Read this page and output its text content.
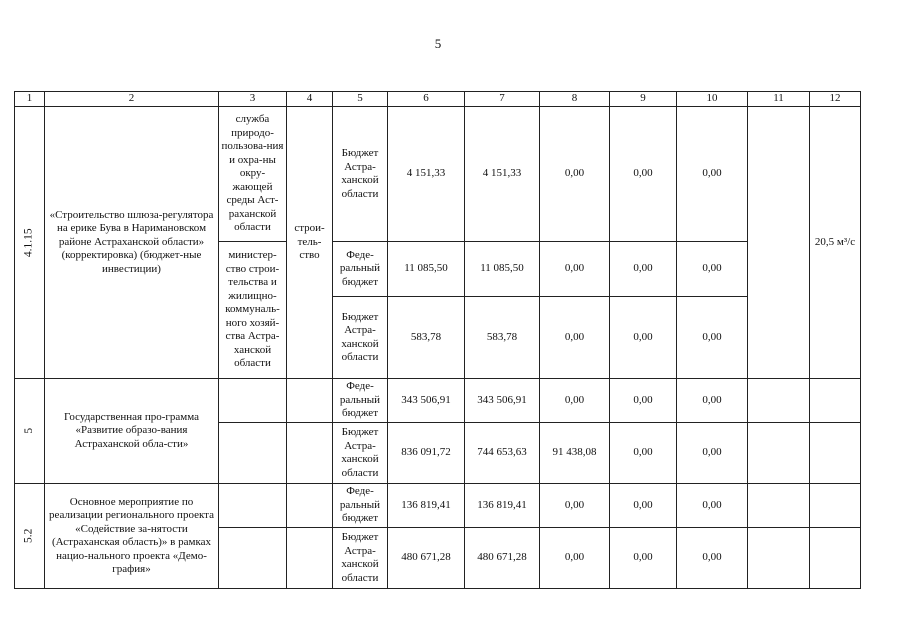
5
1	2	3	4	5	6	7	8	9	10	11	12

4.1.15	«Строительство шлюза-регулятора на ерике Бува в Наримановском районе Астраханской области» (корректировка) (бюджет-ные инвестиции)	служба природо-пользова-ния и охра-ны окру-жающей среды Аст-раханской области	строи-тель-ство	Бюджет Астра-ханской области	4 151,33	4 151,33	0,00	0,00	0,00		20,5 м³/с
		министер-ство строи-тельства и жилищно-коммуналь-ного хозяй-ства Астра-ханской области		Феде-ральный бюджет	11 085,50	11 085,50	0,00	0,00	0,00		
				Бюджет Астра-ханской области	583,78	583,78	0,00	0,00	0,00		

5	Государственная про-грамма «Развитие образо-вания Астраханской обла-сти»			Феде-ральный бюджет	343 506,91	343 506,91	0,00	0,00	0,00		
				Бюджет Астра-ханской области	836 091,72	744 653,63	91 438,08	0,00	0,00		

5.2	Основное мероприятие по реализации регионального проекта «Содействие за-нятости (Астраханская область)» в рамках нацио-нального проекта «Демо-графия»			Феде-ральный бюджет	136 819,41	136 819,41	0,00	0,00	0,00		
				Бюджет Астра-ханской области	480 671,28	480 671,28	0,00	0,00	0,00		
